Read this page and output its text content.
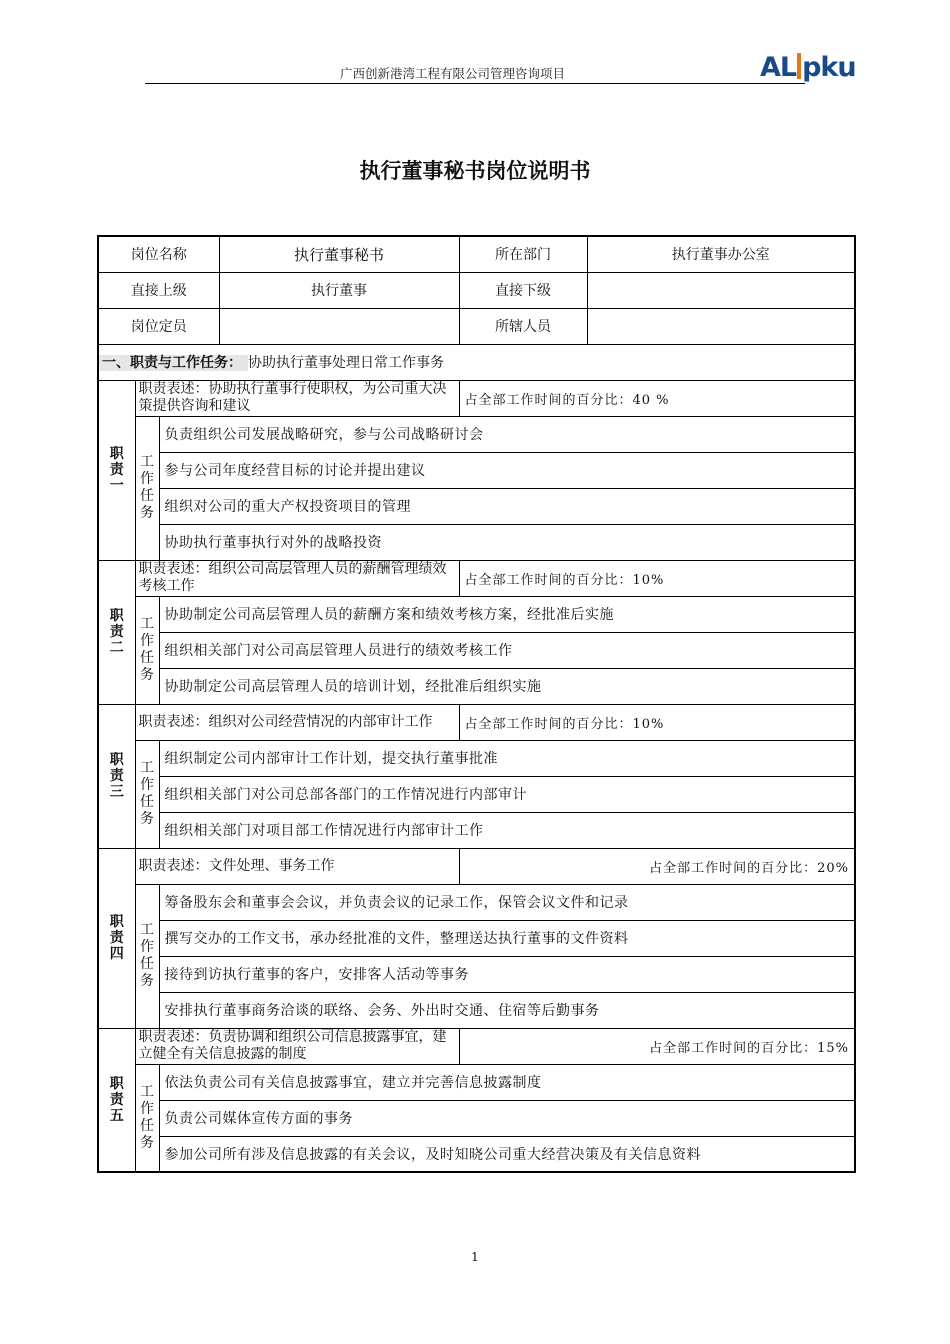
广西创新港湾工程有限公司管理咨询项目	AL pku
执行董事秘书岗位说明书
岗位名称			执行董事秘书	所在部门	执行董事办公室
直接上级			执行董事	直接下级	
岗位定员				所辖人员	
一、职责与工作任务： 协助执行董事处理日常工作事务					
职责一	职责表述：协助执行董事行使职权，为公司重大决策提供咨询和建议			占全部工作时间的百分比：40 %	
	工作任务	负责组织公司发展战略研究，参与公司战略研讨会			
		参与公司年度经营目标的讨论并提出建议			
		组织对公司的重大产权投资项目的管理			
		协助执行董事执行对外的战略投资			
职责二	职责表述：组织公司高层管理人员的薪酬管理绩效考核工作			占全部工作时间的百分比：10%	
	工作任务	协助制定公司高层管理人员的薪酬方案和绩效考核方案，经批准后实施			
		组织相关部门对公司高层管理人员进行的绩效考核工作			
		协助制定公司高层管理人员的培训计划，经批准后组织实施			
职责三	职责表述：组织对公司经营情况的内部审计工作			占全部工作时间的百分比：10%	
	工作任务	组织制定公司内部审计工作计划，提交执行董事批准			
		组织相关部门对公司总部各部门的工作情况进行内部审计			
		组织相关部门对项目部工作情况进行内部审计工作			
职责四	职责表述：文件处理、事务工作			占全部工作时间的百分比：20%	
	工作任务	筹备股东会和董事会会议，并负责会议的记录工作，保管会议文件和记录			
		撰写交办的工作文书，承办经批准的文件，整理送达执行董事的文件资料			
		接待到访执行董事的客户，安排客人活动等事务			
		安排执行董事商务洽谈的联络、会务、外出时交通、住宿等后勤事务			
职责五	职责表述：负责协调和组织公司信息披露事宜，建立健全有关信息披露的制度			占全部工作时间的百分比：15%	
	工作任务	依法负责公司有关信息披露事宜，建立并完善信息披露制度			
		负责公司媒体宣传方面的事务			
		参加公司所有涉及信息披露的有关会议，及时知晓公司重大经营决策及有关信息资料			
1
